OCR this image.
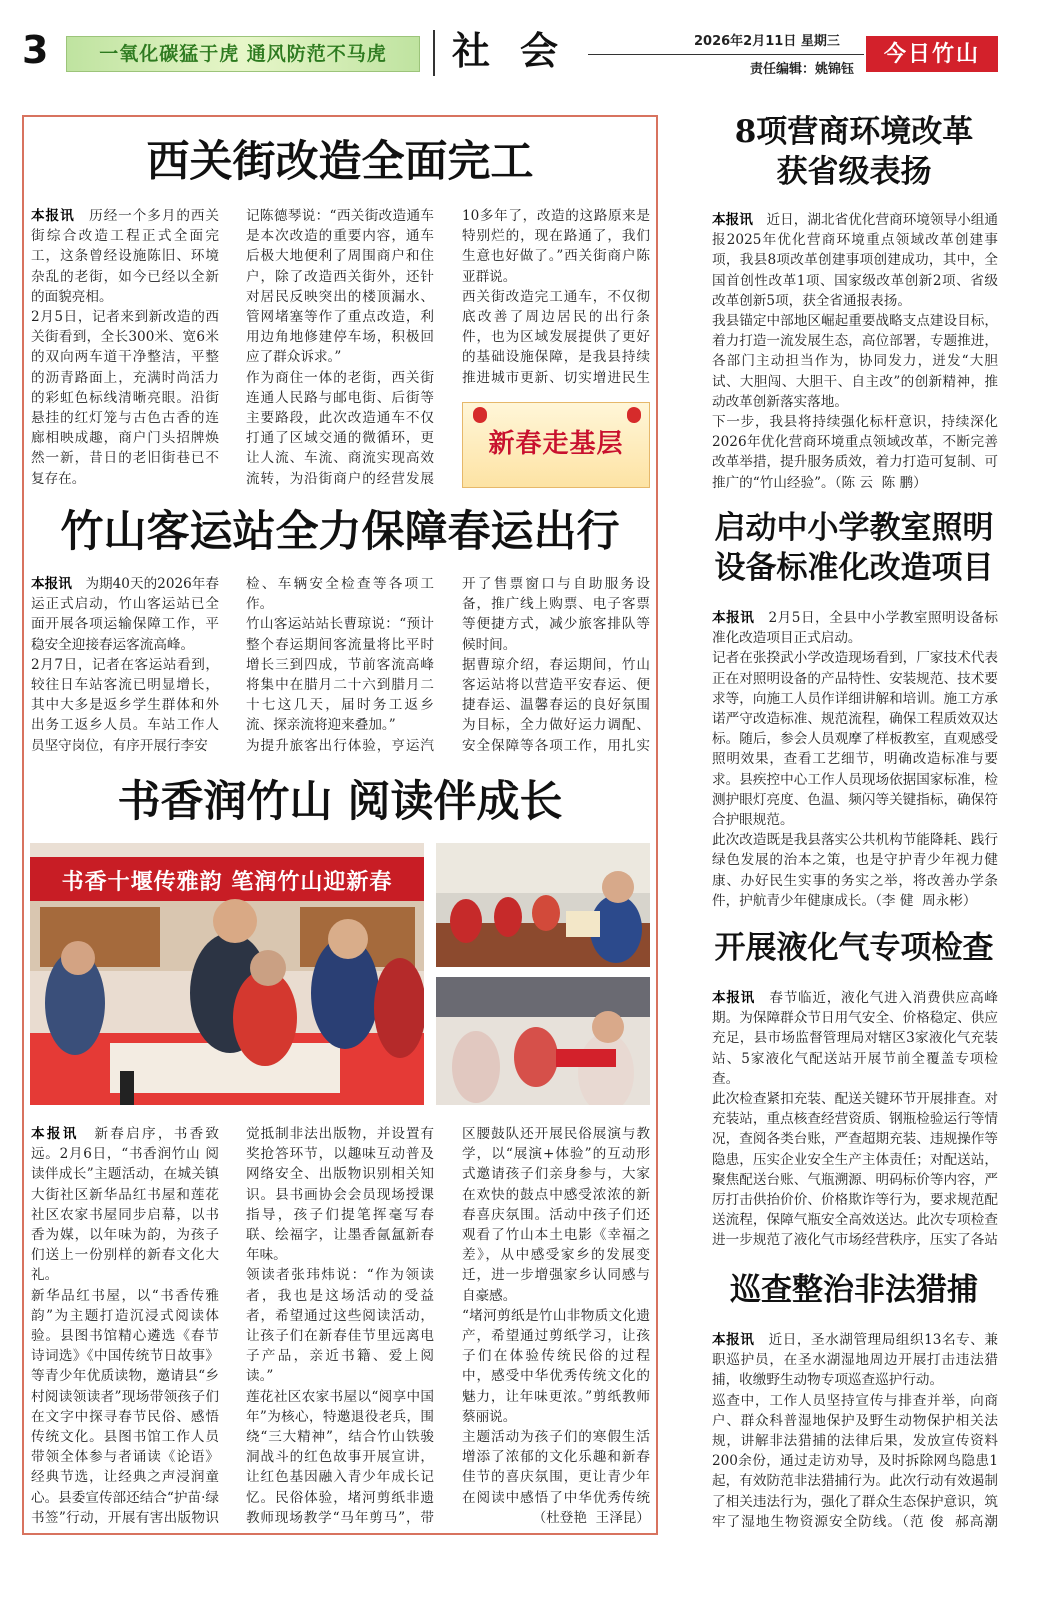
3	一氧化碳猛于虎 通风防范不马虎	社会	2026年2月11日 星期三
责任编辑：姚锦钰
今日竹山
西关街改造全面完工
本报讯　 历经一个多月的西关街综合改造工程正式全面完工，这条曾经设施陈旧、环境杂乱的老街，如今已经以全新的面貌亮相。
2月5日，记者来到新改造的西关街看到，全长300米、宽6米的双向两车道干净整洁，平整的沥青路面上，充满时尚活力的彩虹色标线清晰亮眼。沿街悬挂的红灯笼与古色古香的连廊相映成趣，商户门头招牌焕然一新，昔日的老旧街巷已不复存在。

记陈德琴说：“西关街改造通车是本次改造的重要内容，通车后极大地便利了周围商户和住户，除了改造西关街外，还针对居民反映突出的楼顶漏水、管网堵塞等作了重点改造，利用边角地修建停车场，积极回应了群众诉求。”
作为商住一体的老街，西关街连通人民路与邮电街、后街等主要路段，此次改造通车不仅打通了区域交通的微循环，更让人流、车流、商流实现高效流转，为沿街商户的经营发展

10多年了，改造的这路原来是特别烂的，现在路通了，我们生意也好做了。”西关街商户陈亚群说。
西关街改造完工通车，不仅彻底改善了周边居民的出行条件，也为区域发展提供了更好的基础设施保障，是我县持续推进城市更新、切实增进民生
新春走基层
竹山客运站全力保障春运出行
本报讯　 为期40天的2026年春运正式启动，竹山客运站已全面开展各项运输保障工作，平稳安全迎接春运客流高峰。
2月7日，记者在客运站看到，较往日车站客流已明显增长，其中大多是返乡学生群体和外出务工返乡人员。车站工作人员坚守岗位，有序开展行李安
检、车辆安全检查等各项工作。
竹山客运站站长曹琼说：“预计整个春运期间客流量将比平时增长三到四成，节前客流高峰将集中在腊月二十六到腊月二十七这几天，届时务工返乡流、探亲流将迎来叠加。”
为提升旅客出行体验，亨运汽
开了售票窗口与自助服务设备，推广线上购票、电子客票等便捷方式，减少旅客排队等候时间。
据曹琼介绍，春运期间，竹山客运站将以营造平安春运、便捷春运、温馨春运的良好氛围为目标，全力做好运力调配、安全保障等各项工作，用扎实
书香润竹山 阅读伴成长
书香十堰传雅韵 笔润竹山迎新春
本报讯　 新春启序，书香致远。2月6日，“书香润竹山 阅读伴成长”主题活动，在城关镇大街社区新华品红书屋和莲花社区农家书屋同步启幕，以书香为媒，以年味为韵，为孩子们送上一份别样的新春文化大礼。
新华品红书屋，以“书香传雅韵”为主题打造沉浸式阅读体验。县图书馆精心遴选《春节诗词选》《中国传统节日故事》等青少年优质读物，邀请县“乡村阅读领读者”现场带领孩子们在文字中探寻春节民俗、感悟传统文化。县图书馆工作人员带领全体参与者诵读《论语》经典节选，让经典之声浸润童心。县委宣传部还结合“护苗·绿书签”行动，开展有害出版物识
觉抵制非法出版物，并设置有奖抢答环节，以趣味互动普及网络安全、出版物识别相关知识。县书画协会会员现场授课指导，孩子们提笔挥毫写春联、绘福字，让墨香氤氲新春年味。
领读者张玮炜说：“作为领读者，我也是这场活动的受益者，希望通过这些阅读活动，让孩子们在新春佳节里远离电子产品，亲近书籍、爱上阅读。”
莲花社区农家书屋以“阅享中国年”为核心，特邀退役老兵，围绕“三大精神”，结合竹山铁骏洞战斗的红色故事开展宣讲，让红色基因融入青少年成长记忆。民俗体验，堵河剪纸非遗教师现场教学“马年剪马”，带
区腰鼓队还开展民俗展演与教学，以“展演+体验”的互动形式邀请孩子们亲身参与，大家在欢快的鼓点中感受浓浓的新春喜庆氛围。活动中孩子们还观看了竹山本土电影《幸福之差》，从中感受家乡的发展变迁，进一步增强家乡认同感与自豪感。
“堵河剪纸是竹山非物质文化遗产，希望通过剪纸学习，让孩子们在体验传统民俗的过程中，感受中华优秀传统文化的魅力，让年味更浓。”剪纸教师蔡丽说。
主题活动为孩子们的寒假生活增添了浓郁的文化乐趣和新春佳节的喜庆氛围，更让青少年在阅读中感悟了中华优秀传统
（杜登艳  王泽昆）
8项营商环境改革
获省级表扬
本报讯　 近日，湖北省优化营商环境领导小组通报2025年优化营商环境重点领域改革创建事项，我县8项改革创建事项创建成功，其中，全国首创性改革1项、国家级改革创新2项、省级改革创新5项，获全省通报表扬。
我县锚定中部地区崛起重要战略支点建设目标，着力打造一流发展生态，高位部署，专题推进，各部门主动担当作为，协同发力，迸发“大胆试、大胆闯、大胆干、自主改”的创新精神，推动改革创新落实落地。
下一步，我县将持续强化标杆意识，持续深化2026年优化营商环境重点领域改革，不断完善改革举措，提升服务质效，着力打造可复制、可推广的“竹山经验”。（陈 云  陈 鹏）
启动中小学教室照明
设备标准化改造项目
本报讯　 2月5日，全县中小学教室照明设备标准化改造项目正式启动。
记者在张揆武小学改造现场看到，厂家技术代表正在对照明设备的产品特性、安装规范、技术要求等，向施工人员作详细讲解和培训。施工方承诺严守改造标准、规范流程，确保工程质效双达标。随后，参会人员观摩了样板教室，直观感受照明效果，查看工艺细节，明确改造标准与要求。县疾控中心工作人员现场依据国家标准，检测护眼灯亮度、色温、频闪等关键指标，确保符合护眼规范。
此次改造既是我县落实公共机构节能降耗、践行绿色发展的治本之策，也是守护青少年视力健康、办好民生实事的务实之举，将改善办学条件，护航青少年健康成长。（李 健  周永彬）
开展液化气专项检查
本报讯　 春节临近，液化气进入消费供应高峰期。为保障群众节日用气安全、价格稳定、供应充足，县市场监督管理局对辖区3家液化气充装站、5家液化气配送站开展节前全覆盖专项检查。
此次检查紧扣充装、配送关键环节开展排查。对充装站，重点核查经营资质、钢瓶检验运行等情况，查阅各类台账，严查超期充装、违规操作等隐患，压实企业安全生产主体责任；对配送站，聚焦配送台账、气瓶溯源、明码标价等内容，严厉打击供抬价价、价格欺诈等行为，要求规范配送流程，保障气瓶安全高效送达。此次专项检查进一步规范了液化气市场经营秩序，压实了各站
巡查整治非法猎捕
本报讯　 近日，圣水湖管理局组织13名专、兼职巡护员，在圣水湖湿地周边开展打击违法猎捕，收缴野生动物专项巡查巡护行动。
巡查中，工作人员坚持宣传与排查并举，向商户、群众科普湿地保护及野生动物保护相关法规，讲解非法猎捕的法律后果，发放宣传资料200余份，通过走访劝导，及时拆除网鸟隐患1起，有效防范非法猎捕行为。此次行动有效遏制了相关违法行为，强化了群众生态保护意识，筑牢了湿地生物资源安全防线。（范 俊  郝高潮
